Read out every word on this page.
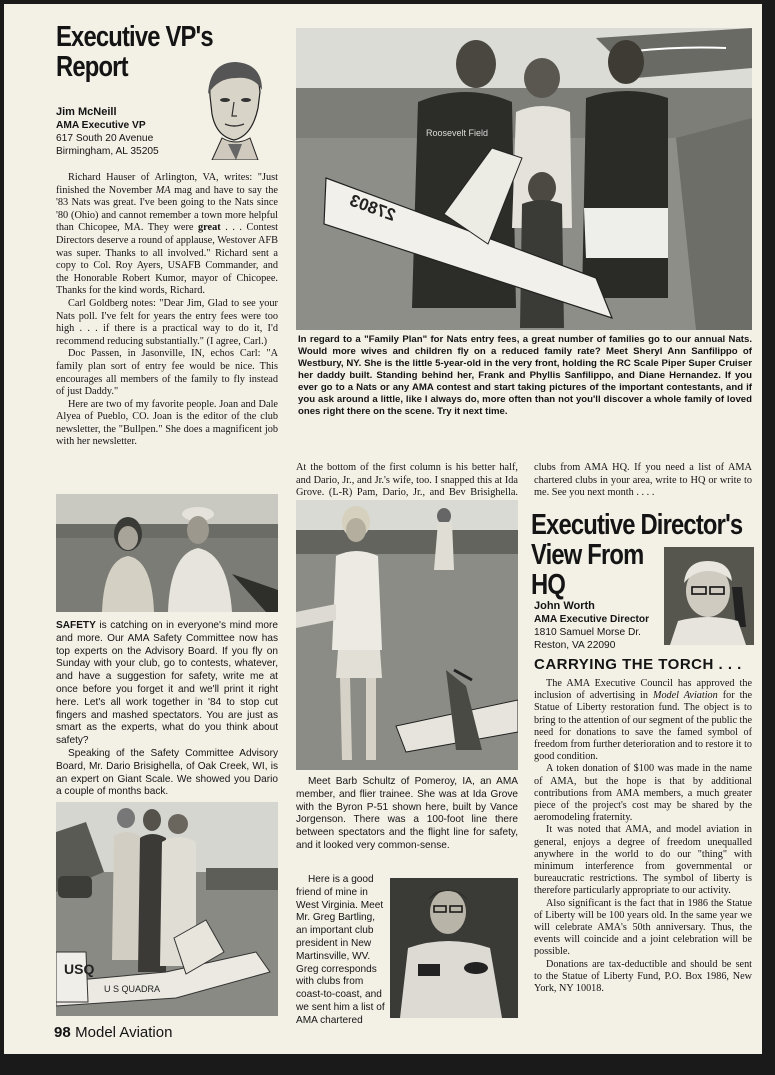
Executive VP's
Report
Jim McNeill
AMA Executive VP
617 South 20 Avenue
Birmingham, AL 35205

Richard Hauser of Arlington, VA, writes: "Just finished the November MA mag and have to say the '83 Nats was great. I've been going to the Nats since '80 (Ohio) and cannot remember a town more helpful than Chicopee, MA. They were great . . . Contest Directors deserve a round of applause, Westover AFB was super. Thanks to all involved." Richard sent a copy to Col. Roy Ayers, USAFB Commander, and the Honorable Robert Kumor, mayor of Chicopee. Thanks for the kind words, Richard.

Carl Goldberg notes: "Dear Jim, Glad to see your Nats poll. I've felt for years the entry fees were too high . . . if there is a practical way to do it, I'd recommend reducing substantially." (I agree, Carl.)

Doc Passen, in Jasonville, IN, echos Carl: "A family plan sort of entry fee would be nice. This encourages all members of the family to fly instead of just Daddy."

Here are two of my favorite people. Joan and Dale Alyea of Pueblo, CO. Joan is the editor of the club newsletter, the "Bullpen." She does a magnificent job with her newsletter.

SAFETY is catching on in everyone's mind more and more. Our AMA Safety Committee now has top experts on the Advisory Board. If you fly on Sunday with your club, go to contests, whatever, and have a suggestion for safety, write me at once before you forget it and we'll print it right here. Let's all work together in '84 to stop cut fingers and mashed spectators. You are just as smart as the experts, what do you think about safety?

Speaking of the Safety Committee Advisory Board, Mr. Dario Brisighella, of Oak Creek, WI, is an expert on Giant Scale. We showed you Dario a couple of months back.

USQ
U S QUADRA
Roosevelt Field
27803
In regard to a "Family Plan" for Nats entry fees, a great number of families go to our annual Nats. Would more wives and children fly on a reduced family rate? Meet Sheryl Ann Sanfilippo of Westbury, NY. She is the little 5-year-old in the very front, holding the RC Scale Piper Super Cruiser her daddy built. Standing behind her, Frank and Phyllis Sanfilippo, and Diane Hernandez. If you ever go to a Nats or any AMA contest and start taking pictures of the important contestants, and if you ask around a little, like I always do, more often than not you'll discover a whole family of loved ones right there on the scene. Try it next time.

At the bottom of the first column is his better half, and Dario, Jr., and Jr.'s wife, too. I snapped this at Ida Grove. (L-R) Pam, Dario, Jr., and Bev Brisighella.

clubs from AMA HQ. If you need a list of AMA chartered clubs in your area, write to HQ or write to me. See you next month . . . .

Meet Barb Schultz of Pomeroy, IA, an AMA member, and flier trainee. She was at Ida Grove with the Byron P-51 shown here, built by Vance Jorgenson. There was a 100-foot line there between spectators and the flight line for safety, and it looked very common-sense.

Here is a good friend of mine in West Virginia. Meet Mr. Greg Bartling, an important club president in New Martinsville, WV. Greg corresponds with clubs from coast-to-coast, and we sent him a list of AMA chartered

Executive Director's
View From
HQ
John Worth
AMA Executive Director
1810 Samuel Morse Dr.
Reston, VA 22090
CARRYING THE TORCH . . .

The AMA Executive Council has approved the inclusion of advertising in Model Aviation for the Statue of Liberty restoration fund. The object is to bring to the attention of our segment of the public the need for donations to save the famed symbol of freedom from further deterioration and to restore it to good condition.

A token donation of $100 was made in the name of AMA, but the hope is that by additional contributions from AMA members, a much greater piece of the project's cost may be shared by the aeromodeling fraternity.

It was noted that AMA, and model aviation in general, enjoys a degree of freedom unequalled anywhere in the world to do our "thing" with minimum interference from governmental or bureaucratic restrictions. The symbol of liberty is therefore particularly appropriate to our activity.

Also significant is the fact that in 1986 the Statue of Liberty will be 100 years old. In the same year we will celebrate AMA's 50th anniversary. Thus, the events will coincide and a joint celebration will be possible.

Donations are tax-deductible and should be sent to the Statue of Liberty Fund, P.O. Box 1986, New York, NY 10018.

98 Model Aviation
